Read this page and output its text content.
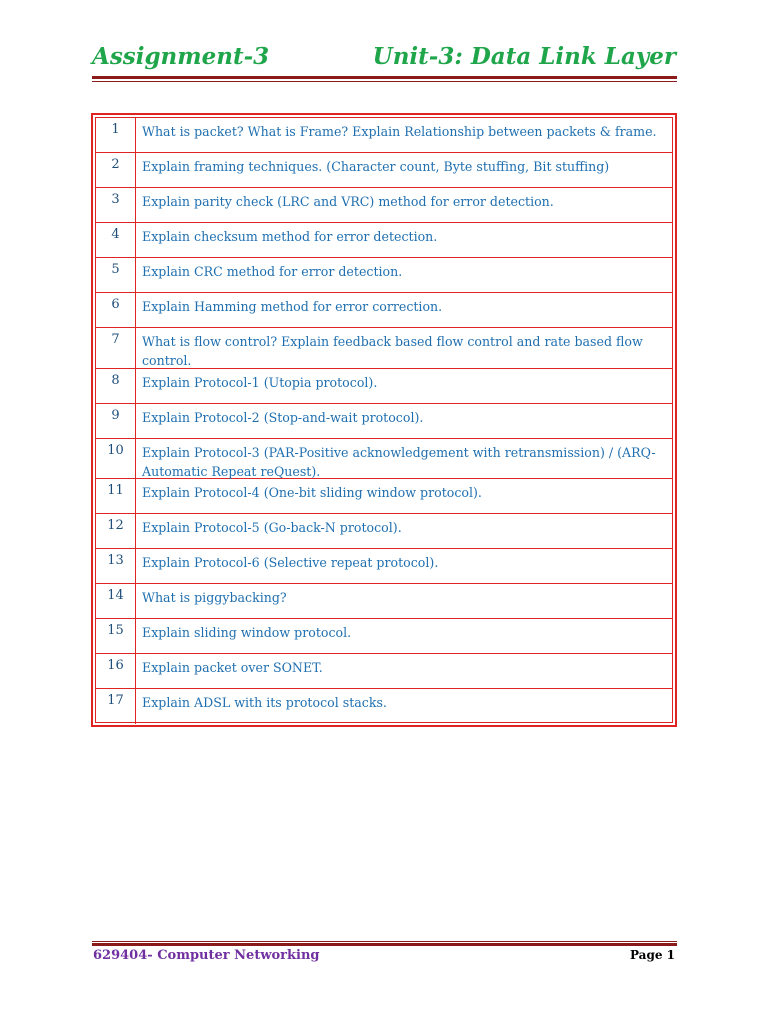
Assignment-3	Unit-3: Data Link Layer
1	What is packet? What is Frame? Explain Relationship between packets & frame.
2	Explain framing techniques. (Character count, Byte stuffing, Bit stuffing)
3	Explain parity check (LRC and VRC) method for error detection.
4	Explain checksum method for error detection.
5	Explain CRC method for error detection.
6	Explain Hamming method for error correction.
7	What is flow control? Explain feedback based flow control and rate based flow control.
8	Explain Protocol-1 (Utopia protocol).
9	Explain Protocol-2 (Stop-and-wait protocol).
10	Explain Protocol-3 (PAR-Positive acknowledgement with retransmission) / (ARQ-Automatic Repeat reQuest).
11	Explain Protocol-4 (One-bit sliding window protocol).
12	Explain Protocol-5 (Go-back-N protocol).
13	Explain Protocol-6 (Selective repeat protocol).
14	What is piggybacking?
15	Explain sliding window protocol.
16	Explain packet over SONET.
17	Explain ADSL with its protocol stacks.
629404- Computer Networking	Page 1
